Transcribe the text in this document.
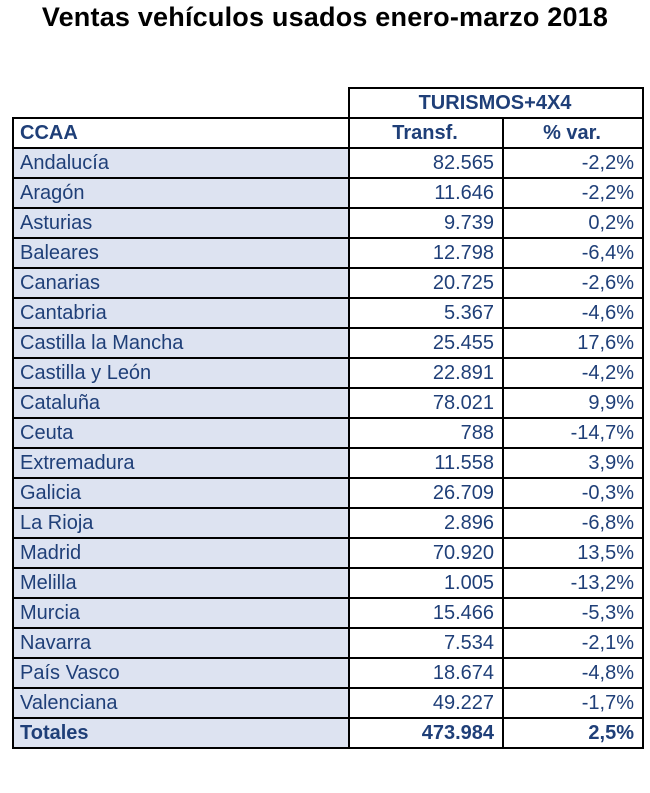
Ventas vehículos usados enero-marzo 2018
	TURISMOS+4X4	
CCAA	Transf.	% var.
Andalucía	82.565	-2,2%
Aragón	11.646	-2,2%
Asturias	9.739	0,2%
Baleares	12.798	-6,4%
Canarias	20.725	-2,6%
Cantabria	5.367	-4,6%
Castilla la Mancha	25.455	17,6%
Castilla y León	22.891	-4,2%
Cataluña	78.021	9,9%
Ceuta	788	-14,7%
Extremadura	11.558	3,9%
Galicia	26.709	-0,3%
La Rioja	2.896	-6,8%
Madrid	70.920	13,5%
Melilla	1.005	-13,2%
Murcia	15.466	-5,3%
Navarra	7.534	-2,1%
País Vasco	18.674	-4,8%
Valenciana	49.227	-1,7%
Totales	473.984	2,5%
